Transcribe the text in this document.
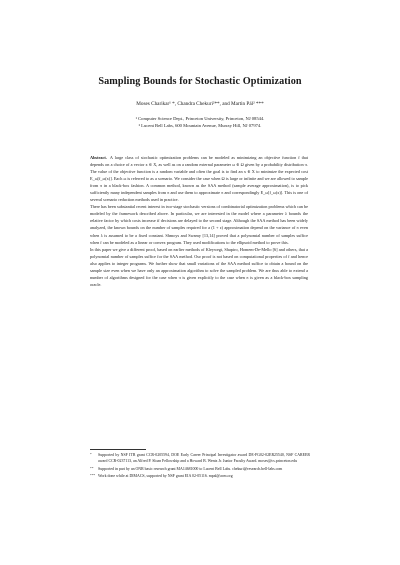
Sampling Bounds for Stochastic Optimization
Moses Charikar¹ *, Chandra Chekuri²**, and Martin Pál² ***
¹ Computer Science Dept., Princeton University, Princeton, NJ 08544.
² Lucent Bell Labs, 600 Mountain Avenue, Murray Hill, NJ 07974.

Abstract. A large class of stochastic optimization problems can be modeled as minimizing an objective function f that depends on a choice of a vector x ∈ X, as well as on a random external parameter ω ∈ Ω given by a probability distribution π. The value of the objective function is a random variable and often the goal is to find an x ∈ X to minimize the expected cost E_ω[f_ω(x)]. Each ω is referred to as a scenario. We consider the case when Ω is large or infinite and we are allowed to sample from π in a black-box fashion. A common method, known as the SAA method (sample average approximation), is to pick sufficiently many independent samples from π and use them to approximate π and correspondingly E_ω[f_ω(x)]. This is one of several scenario reduction methods used in practice.

There has been substantial recent interest in two-stage stochastic versions of combinatorial optimization problems which can be modeled by the framework described above. In particular, we are interested in the model where a parameter λ bounds the relative factor by which costs increase if decisions are delayed to the second stage. Although the SAA method has been widely analyzed, the known bounds on the number of samples required for a (1 + ε) approximation depend on the variance of π even when λ is assumed to be a fixed constant. Shmoys and Swamy [13,14] proved that a polynomial number of samples suffice when f can be modeled as a linear or convex program. They used modifications to the ellipsoid method to prove this.

In this paper we give a different proof, based on earlier methods of Kleywegt, Shapiro, Homem-De-Mello [6] and others, that a polynomial number of samples suffice for the SAA method. Our proof is not based on computational properties of f and hence also applies to integer programs. We further show that small variations of the SAA method suffice to obtain a bound on the sample size even when we have only an approximation algorithm to solve the sampled problem. We are thus able to extend a number of algorithms designed for the case when π is given explicitly to the case when π is given as a black-box sampling oracle.

* Supported by NSF ITR grant CCR-0205594, DOE Early Career Principal Investigator award DE-FG02-02ER25540, NSF CAREER award CCR-0237113, an Alfred P. Sloan Fellowship and a Howard B. Wentz Jr. Junior Faculty Award. moses@cs.princeton.edu
** Supported in part by an ONR basic research grant MA14681000 to Lucent Bell Labs. chekuri@research.bell-labs.com
*** Work done while at DIMACS, supported by NSF grant EIA 02-05116. mpal@acm.org
